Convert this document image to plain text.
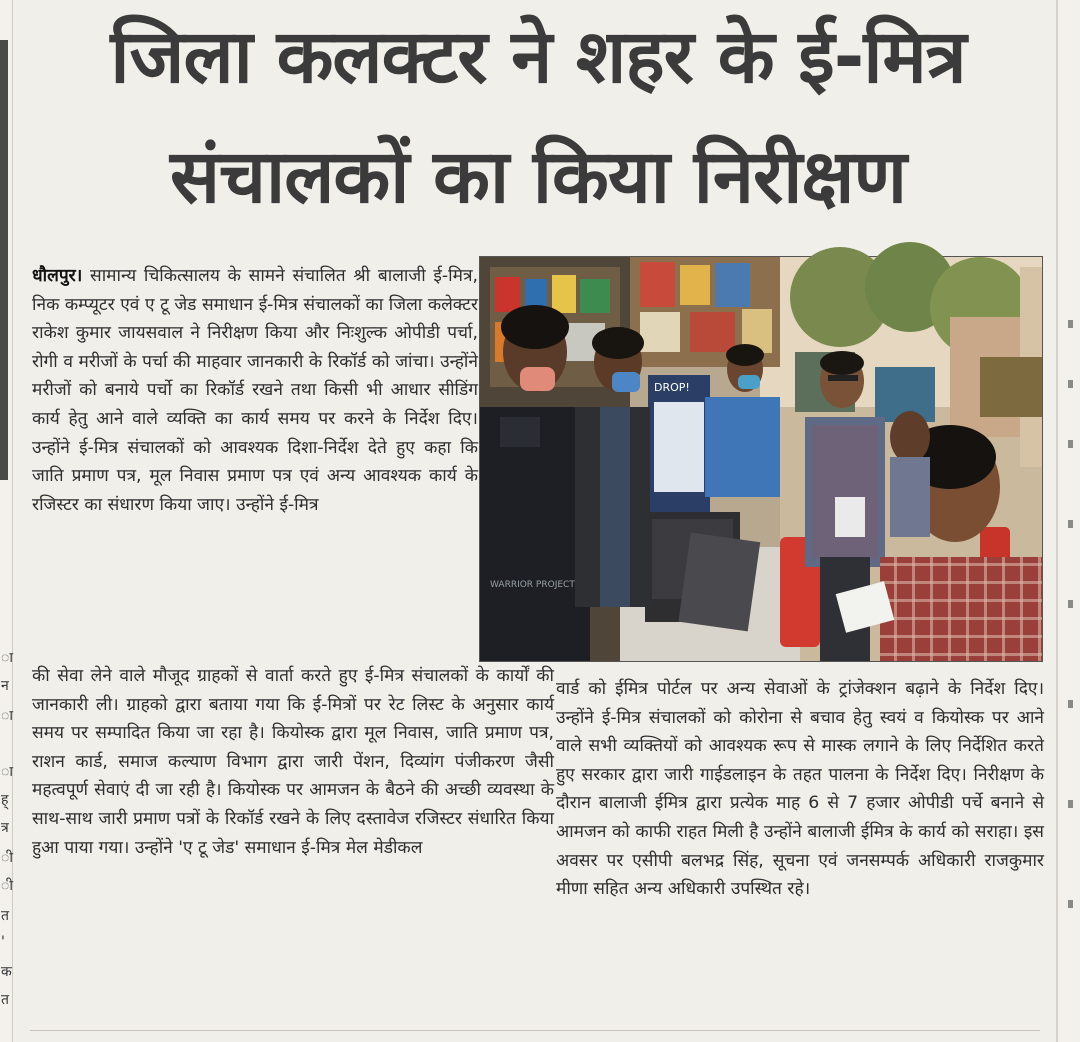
ा
न
ा
ा
ह्
त्र
ी
ी
त
'
क
त
जिला कलक्टर ने शहर के ई-मित्र
संचालकों का किया निरीक्षण
धौलपुर। सामान्य चिकित्सालय के सामने संचालित श्री बालाजी ई-मित्र, निक कम्प्यूटर एवं ए टू जेड समाधान ई-मित्र संचालकों का जिला कलेक्टर राकेश कुमार जायसवाल ने निरीक्षण किया और निःशुल्क ओपीडी पर्चा, रोगी व मरीजों के पर्चा की माहवार जानकारी के रिकॉर्ड को जांचा। उन्होंने मरीजों को बनाये पर्चो का रिकॉर्ड रखने तथा किसी भी आधार सीडिंग कार्य हेतु आने वाले व्यक्ति का कार्य समय पर करने के निर्देश दिए। उन्होंने ई-मित्र संचालकों को आवश्यक दिशा-निर्देश देते हुए कहा कि जाति प्रमाण पत्र, मूल निवास प्रमाण पत्र एवं अन्य आवश्यक कार्य के रजिस्टर का संधारण किया जाए। उन्होंने ई-मित्र
की सेवा लेने वाले मौजूद ग्राहकों से वार्ता करते हुए ई-मित्र संचालकों के कार्यों की जानकारी ली। ग्राहको द्वारा बताया गया कि ई-मित्रों पर रेट लिस्ट के अनुसार कार्य समय पर सम्पादित किया जा रहा है। कियोस्क द्वारा मूल निवास, जाति प्रमाण पत्र, राशन कार्ड, समाज कल्याण विभाग द्वारा जारी पेंशन, दिव्यांग पंजीकरण जैसी महत्वपूर्ण सेवाएं दी जा रही है। कियोस्क पर आमजन के बैठने की अच्छी व्यवस्था के साथ-साथ जारी प्रमाण पत्रों के रिकॉर्ड रखने के लिए दस्तावेज रजिस्टर संधारित किया हुआ पाया गया। उन्होंने 'ए टू जेड' समाधान ई-मित्र मेल मेडीकल
वार्ड को ईमित्र पोर्टल पर अन्य सेवाओं के ट्रांजेक्शन बढ़ाने के निर्देश दिए। उन्होंने ई-मित्र संचालकों को कोरोना से बचाव हेतु स्वयं व कियोस्क पर आने वाले सभी व्यक्तियों को आवश्यक रूप से मास्क लगाने के लिए निर्देशित करते हुए सरकार द्वारा जारी गाईडलाइन के तहत पालना के निर्देश दिए। निरीक्षण के दौरान बालाजी ईमित्र द्वारा प्रत्येक माह 6 से 7 हजार ओपीडी पर्चे बनाने से आमजन को काफी राहत मिली है उन्होंने बालाजी ईमित्र के कार्य को सराहा। इस अवसर पर एसीपी बलभद्र सिंह, सूचना एवं जनसम्पर्क अधिकारी राजकुमार मीणा सहित अन्य अधिकारी उपस्थित रहे।
DROP!
WARRIOR PROJECT
